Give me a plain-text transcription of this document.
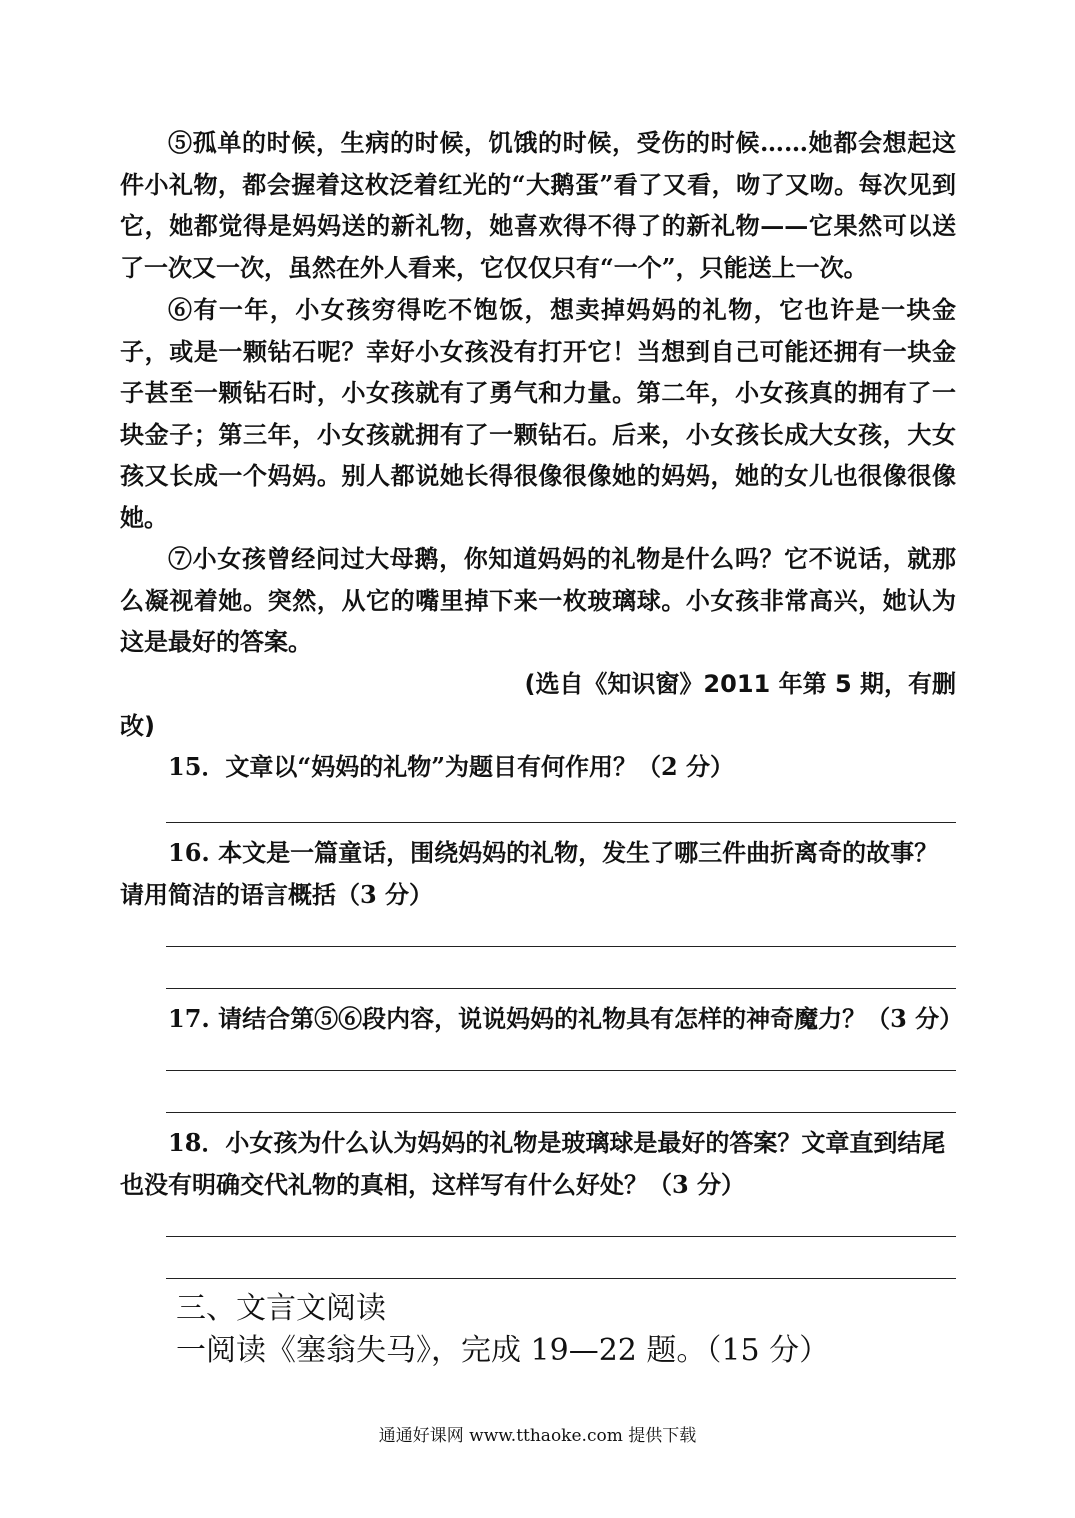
⑤孤单的时候，生病的时候，饥饿的时候，受伤的时候……她都会想起这件小礼物，都会握着这枚泛着红光的“大鹅蛋”看了又看，吻了又吻。每次见到它，她都觉得是妈妈送的新礼物，她喜欢得不得了的新礼物——它果然可以送了一次又一次，虽然在外人看来，它仅仅只有“一个”，只能送上一次。

⑥有一年，小女孩穷得吃不饱饭，想卖掉妈妈的礼物，它也许是一块金子，或是一颗钻石呢？幸好小女孩没有打开它！当想到自己可能还拥有一块金子甚至一颗钻石时，小女孩就有了勇气和力量。第二年，小女孩真的拥有了一块金子；第三年，小女孩就拥有了一颗钻石。后来，小女孩长成大女孩，大女孩又长成一个妈妈。别人都说她长得很像很像她的妈妈，她的女儿也很像很像她。

⑦小女孩曾经问过大母鹅，你知道妈妈的礼物是什么吗？它不说话，就那么凝视着她。突然，从它的嘴里掉下来一枚玻璃球。小女孩非常高兴，她认为这是最好的答案。

(选自《知识窗》2011 年第 5 期，有删
改)

15．文章以“妈妈的礼物”为题目有何作用？（2 分）

16. 本文是一篇童话，围绕妈妈的礼物，发生了哪三件曲折离奇的故事？请用简洁的语言概括（3 分）

17. 请结合第⑤⑥段内容，说说妈妈的礼物具有怎样的神奇魔力？（3 分）

18．小女孩为什么认为妈妈的礼物是玻璃球是最好的答案？文章直到结尾也没有明确交代礼物的真相，这样写有什么好处？（3 分）

三、文言文阅读
一阅读《塞翁失马》，完成 19—22 题。（15 分）
通通好课网 www.tthaoke.com 提供下载
